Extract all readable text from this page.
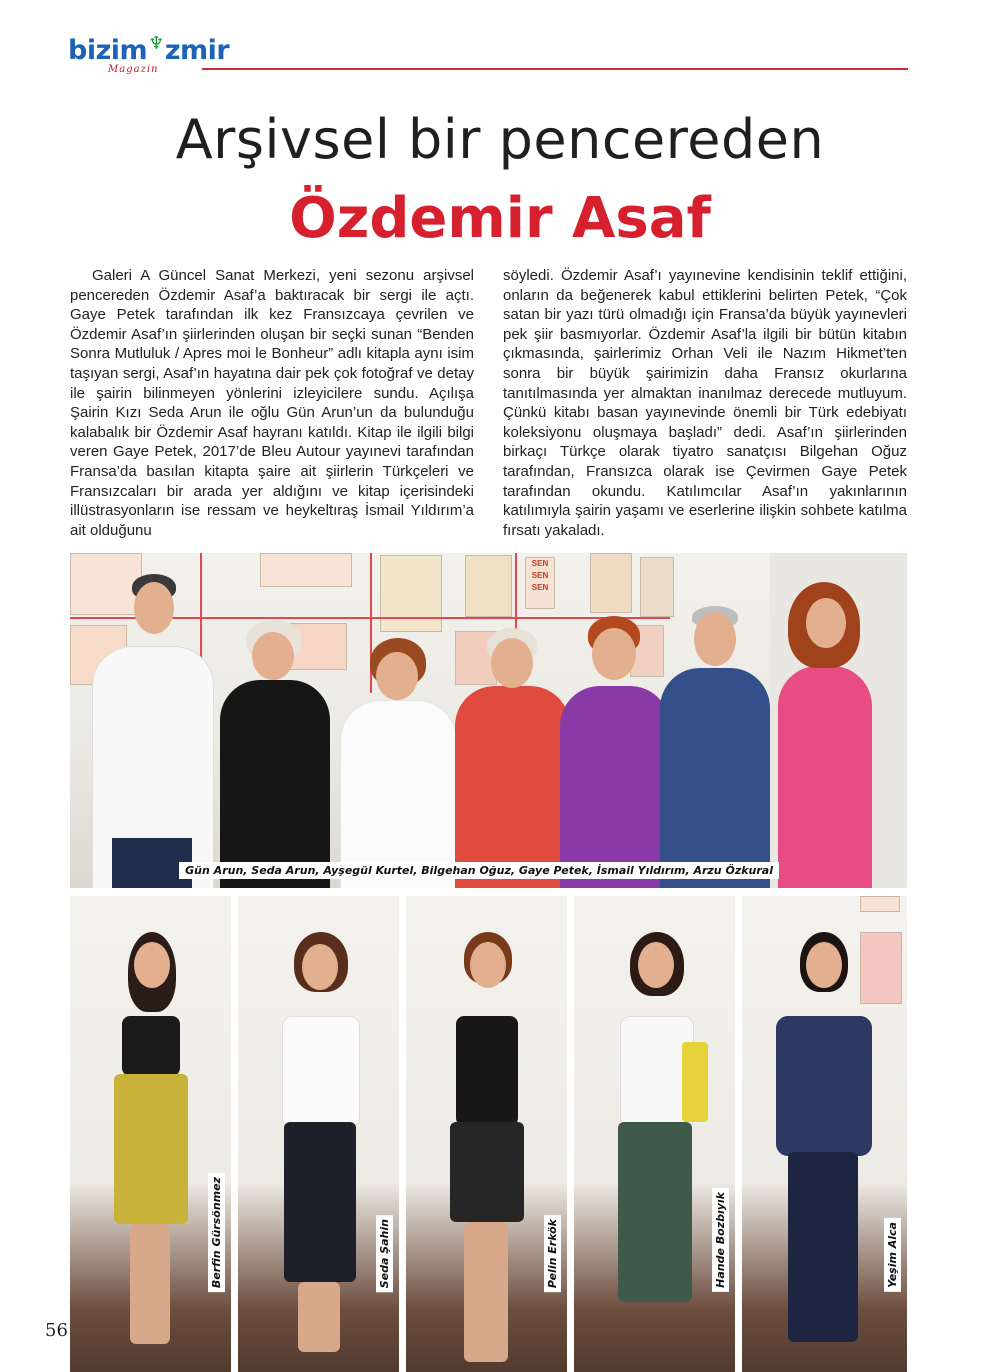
bizim♆zmir
Magazin
Arşivsel bir pencereden
Özdemir Asaf
Galeri A Güncel Sanat Merkezi, yeni sezonu arşivsel pencereden Özdemir Asaf’a baktıracak bir sergi ile açtı. Gaye Petek tarafından ilk kez Fransızcaya çevrilen ve Özdemir Asaf’ın şiirlerinden oluşan bir seçki sunan “Benden Sonra Mutluluk / Apres moi le Bonheur” adlı kitapla aynı isim taşıyan sergi, Asaf’ın hayatına dair pek çok fotoğraf ve detay ile şairin bilinmeyen yönlerini izleyicilere sundu. Açılışa Şairin Kızı Seda Arun ile oğlu Gün Arun’un da bulunduğu kalabalık bir Özdemir Asaf hayranı katıldı. Kitap ile ilgili bilgi veren Gaye Petek, 2017’de Bleu Autour yayınevi tarafından Fransa’da basılan kitapta şaire ait şiirlerin Türkçeleri ve Fransızcaları bir arada yer aldığını ve kitap içerisindeki illüstrasyonların ise ressam ve heykeltıraş İsmail Yıldırım’a ait olduğunu
söyledi. Özdemir Asaf’ı yayınevine kendisinin teklif ettiğini, onların da beğenerek kabul ettiklerini belirten Petek, “Çok satan bir yazı türü olmadığı için Fransa’da büyük yayınevleri pek şiir basmıyorlar. Özdemir Asaf’la ilgili bir bütün kitabın çıkmasında, şairlerimiz Orhan Veli ile Nazım Hikmet’ten sonra bir büyük şairimizin daha Fransız okurlarına tanıtılmasında yer almaktan inanılmaz derecede mutluyum. Çünkü kitabı basan yayınevinde önemli bir Türk edebiyatı koleksiyonu oluşmaya başladı” dedi. Asaf’ın şiirlerinden birkaçı Türkçe olarak tiyatro sanatçısı Bilgehan Oğuz tarafından, Fransızca olarak ise Çevirmen Gaye Petek tarafından okundu. Katılımcılar Asaf’ın yakınlarının katılımıyla şairin yaşamı ve eserlerine ilişkin sohbete katılma fırsatı yakaladı.
SEN SEN SEN
Gün Arun, Seda Arun, Ayşegül Kurtel, Bilgehan Oğuz, Gaye Petek, İsmail Yıldırım, Arzu Özkural
Berfin Gürsönmez	Seda Şahin	Pelin Erkök	Hande Bozbıyık	Yeşim Alca
56
